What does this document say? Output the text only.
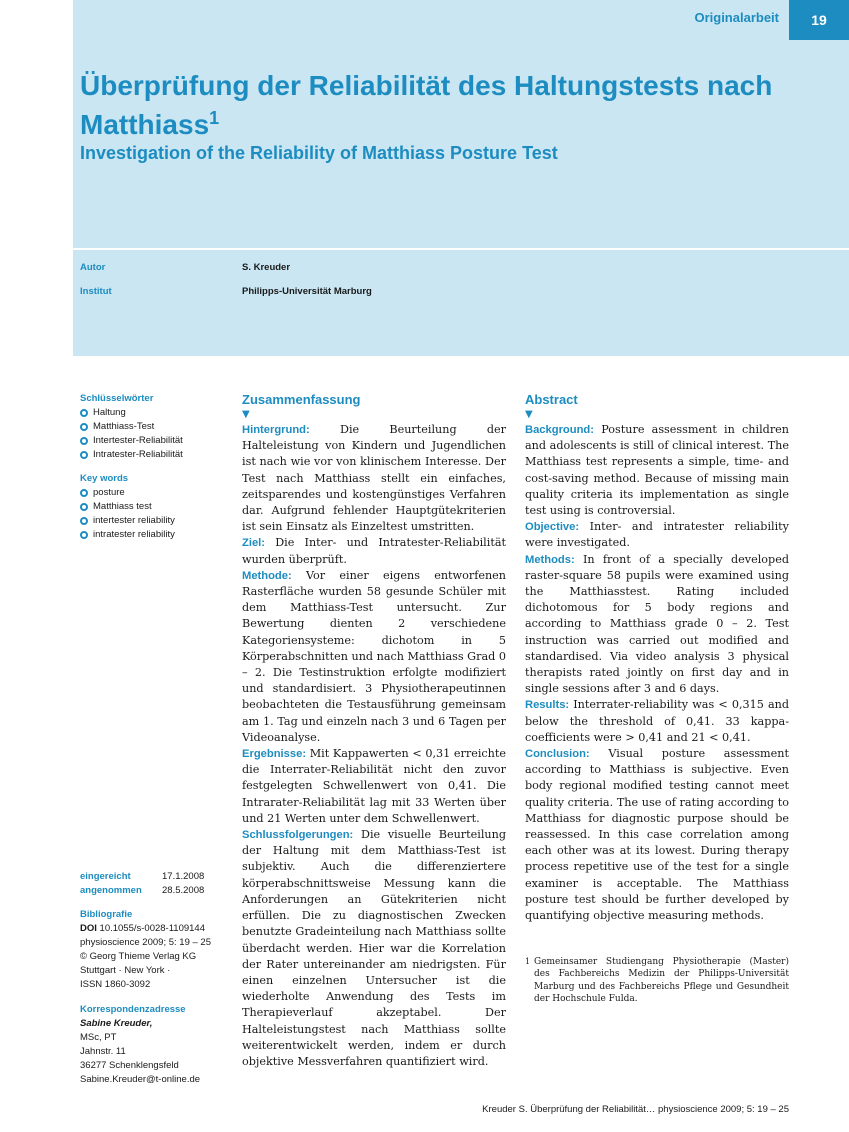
Originalarbeit	19
Überprüfung der Reliabilität des Haltungstests nach Matthiass$^1$
Investigation of the Reliability of Matthiass Posture Test
Autor	S. Kreuder
Institut	Philipps-Universität Marburg
Schlüsselwörter
Haltung
Matthiass-Test
Intertester-Reliabilität
Intratester-Reliabilität
Key words
posture
Matthiass test
intertester reliability
intratester reliability
eingereicht	17.1.2008
angenommen	28.5.2008
Bibliografie
DOI 10.1055/s-0028-1109144
physioscience 2009; 5: 19 – 25
© Georg Thieme Verlag KG
Stuttgart · New York ·
ISSN 1860-3092
Korrespondenzadresse
Sabine Kreuder,
MSc, PT
Jahnstr. 11
36277 Schenklengsfeld
Sabine.Kreuder@t-online.de
Zusammenfassung
▼

Hintergrund:	Die Beurteilung der Halteleistung von Kindern und Jugendlichen ist nach wie vor von klinischem Interesse. Der Test nach Matthiass stellt ein einfaches, zeitsparendes und kostengünstiges Verfahren dar. Aufgrund fehlender Hauptgütekriterien ist sein Einsatz als Einzeltest umstritten.

Ziel: Die Inter- und Intratester-Reliabilität wurden überprüft.

Methode: Vor einer eigens entworfenen Rasterfläche wurden 58 gesunde Schüler mit dem Matthiass-Test untersucht. Zur Bewertung dienten 2 verschiedene Kategoriensysteme: dichotom in 5 Körperabschnitten und nach Matthiass Grad 0 – 2. Die Testinstruktion erfolgte modifiziert und standardisiert. 3 Physiotherapeutinnen beobachteten die Testausführung gemeinsam am 1. Tag und einzeln nach 3 und 6 Tagen per Videoanalyse.

Ergebnisse: Mit Kappawerten < 0,31 erreichte die Interrater-Reliabilität nicht den zuvor festgelegten Schwellenwert von 0,41. Die Intrarater-Reliabilität lag mit 33 Werten über und 21 Werten unter dem Schwellenwert.

Schlussfolgerungen: Die visuelle Beurteilung der Haltung mit dem Matthiass-Test ist subjektiv. Auch die differenziertere körperabschnittsweise Messung kann die Anforderungen an Gütekriterien nicht erfüllen. Die zu diagnostischen Zwecken benutzte Gradeinteilung nach Matthiass sollte überdacht werden. Hier war die Korrelation der Rater untereinander am niedrigsten. Für einen einzelnen Untersucher ist die wiederholte Anwendung des Tests im Therapieverlauf akzeptabel. Der Halteleistungstest nach Matthiass sollte weiterentwickelt werden, indem er durch objektive Messverfahren quantifiziert wird.

Abstract
▼

Background: Posture assessment in children and adolescents is still of clinical interest. The Matthiass test represents a simple, time- and cost-saving method. Because of missing main quality criteria its implementation as single test using is controversial.

Objective: Inter- and intratester reliability were investigated.

Methods: In front of a specially developed raster-square 58 pupils were examined using the Matthiasstest. Rating included dichotomous for 5 body regions and according to Matthiass grade 0 – 2. Test instruction was carried out modified and standardised. Via video analysis 3 physical therapists rated jointly on first day and in single sessions after 3 and 6 days.

Results: Interrater-reliability was < 0,315 and below the threshold of 0,41. 33 kappa-coefficients were > 0,41 and 21 < 0,41.

Conclusion: Visual posture assessment according to Matthiass is subjective. Even body regional modified testing cannot meet quality criteria. The use of rating according to Matthiass for diagnostic purpose should be reassessed. In this case correlation among each other was at its lowest. During therapy process repetitive use of the test for a single examiner is acceptable. The Matthiass posture test should be further developed by quantifying objective measuring methods.

1 Gemeinsamer Studiengang Physiotherapie (Master) des Fachbereichs Medizin der Philipps-Universität Marburg und des Fachbereichs Pflege und Gesundheit der Hochschule Fulda.
Kreuder S. Überprüfung der Reliabilität… physioscience 2009; 5: 19 – 25
